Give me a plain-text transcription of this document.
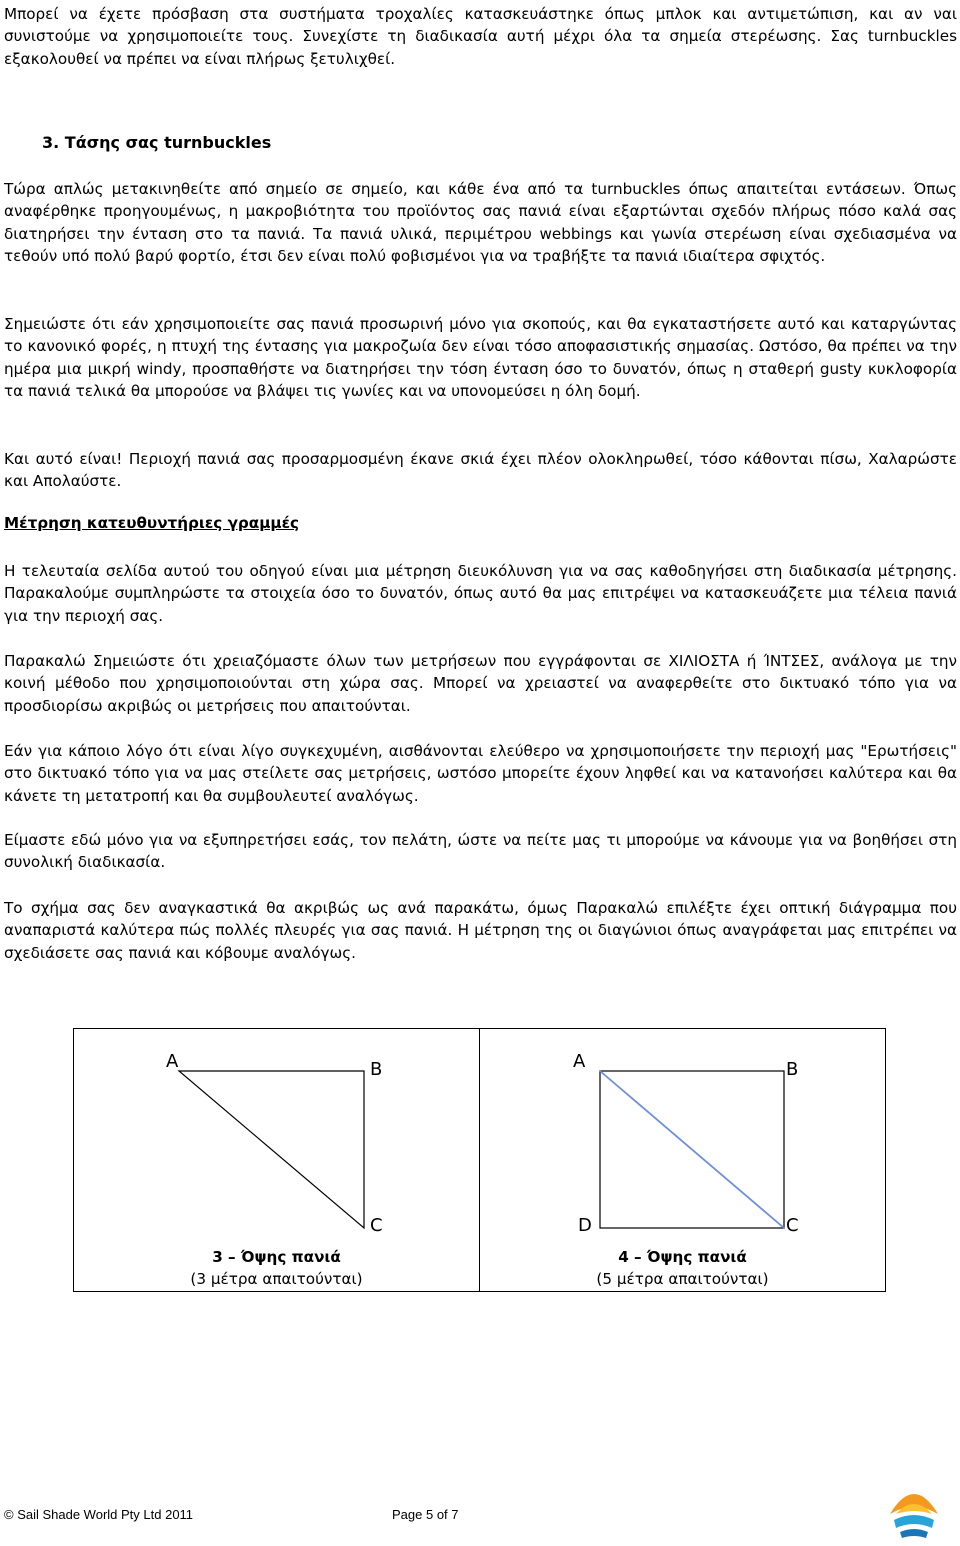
Μπορεί να έχετε πρόσβαση στα συστήματα τροχαλίες κατασκευάστηκε όπως μπλοκ και αντιμετώπιση, και αν ναι συνιστούμε να χρησιμοποιείτε τους. Συνεχίστε τη διαδικασία αυτή μέχρι όλα τα σημεία στερέωσης. Σας turnbuckles εξακολουθεί να πρέπει να είναι πλήρως ξετυλιχθεί.

3. Τάσης σας turnbuckles

Τώρα απλώς μετακινηθείτε από σημείο σε σημείο, και κάθε ένα από τα turnbuckles όπως απαιτείται εντάσεων. Όπως αναφέρθηκε προηγουμένως, η μακροβιότητα του προϊόντος σας πανιά είναι εξαρτώνται σχεδόν πλήρως πόσο καλά σας διατηρήσει την ένταση στο τα πανιά. Τα πανιά υλικά, περιμέτρου webbings και γωνία στερέωση είναι σχεδιασμένα να τεθούν υπό πολύ βαρύ φορτίο, έτσι δεν είναι πολύ φοβισμένοι για να τραβήξτε τα πανιά ιδιαίτερα σφιχτός.

Σημειώστε ότι εάν χρησιμοποιείτε σας πανιά προσωρινή μόνο για σκοπούς, και θα εγκαταστήσετε αυτό και καταργώντας το κανονικό φορές, η πτυχή της έντασης για μακροζωία δεν είναι τόσο αποφασιστικής σημασίας. Ωστόσο, θα πρέπει να την ημέρα μια μικρή windy, προσπαθήστε να διατηρήσει την τόση ένταση όσο το δυνατόν, όπως η σταθερή gusty κυκλοφορία τα πανιά τελικά θα μπορούσε να βλάψει τις γωνίες και να υπονομεύσει η όλη δομή.

Και αυτό είναι! Περιοχή πανιά σας προσαρμοσμένη έκανε σκιά έχει πλέον ολοκληρωθεί, τόσο κάθονται πίσω, Χαλαρώστε και Απολαύστε.

Μέτρηση κατευθυντήριες γραμμές

Η τελευταία σελίδα αυτού του οδηγού είναι μια μέτρηση διευκόλυνση για να σας καθοδηγήσει στη διαδικασία μέτρησης. Παρακαλούμε συμπληρώστε τα στοιχεία όσο το δυνατόν, όπως αυτό θα μας επιτρέψει να κατασκευάζετε μια τέλεια πανιά για την περιοχή σας.

Παρακαλώ Σημειώστε ότι χρειαζόμαστε όλων των μετρήσεων που εγγράφονται σε ΧΙΛΙΟΣΤΑ ή ΊΝΤΣΕΣ, ανάλογα με την κοινή μέθοδο που χρησιμοποιούνται στη χώρα σας. Μπορεί να χρειαστεί να αναφερθείτε στο δικτυακό τόπο για να προσδιορίσω ακριβώς οι μετρήσεις που απαιτούνται.

Εάν για κάποιο λόγο ότι είναι λίγο συγκεχυμένη, αισθάνονται ελεύθερο να χρησιμοποιήσετε την περιοχή μας "Ερωτήσεις" στο δικτυακό τόπο για να μας στείλετε σας μετρήσεις, ωστόσο μπορείτε έχουν ληφθεί και να κατανοήσει καλύτερα και θα κάνετε τη μετατροπή και θα συμβουλευτεί αναλόγως.

Είμαστε εδώ μόνο για να εξυπηρετήσει εσάς, τον πελάτη, ώστε να πείτε μας τι μπορούμε να κάνουμε για να βοηθήσει στη συνολική διαδικασία.

Το σχήμα σας δεν αναγκαστικά θα ακριβώς ως ανά παρακάτω, όμως Παρακαλώ επιλέξτε έχει οπτική διάγραμμα που αναπαριστά καλύτερα πώς πολλές πλευρές για σας πανιά. Η μέτρηση της οι διαγώνιοι όπως αναγράφεται μας επιτρέπει να σχεδιάσετε σας πανιά και κόβουμε αναλόγως.

A	B
C
3 – Όψης πανιά
(3 μέτρα απαιτούνται)
A	B
C
D
4 – Όψης πανιά
(5 μέτρα απαιτούνται)
© Sail Shade World Pty Ltd 2011	Page 5 of 7
